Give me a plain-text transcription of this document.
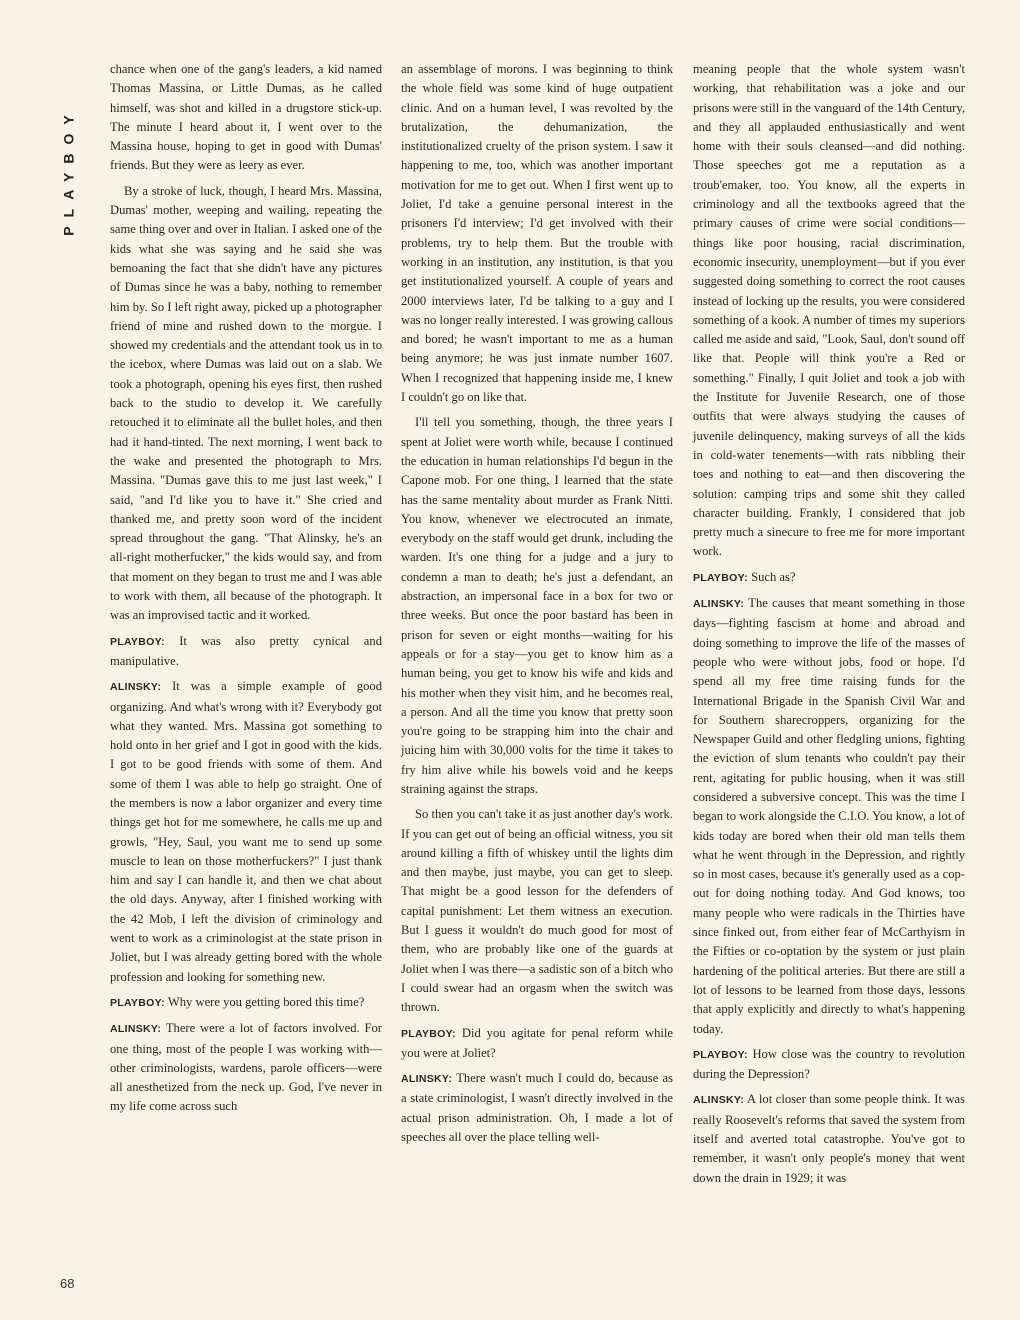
PLAYBOY

chance when one of the gang's leaders, a kid named Thomas Massina, or Little Dumas, as he called himself, was shot and killed in a drugstore stick-up. The minute I heard about it, I went over to the Massina house, hoping to get in good with Dumas' friends. But they were as leery as ever.

By a stroke of luck, though, I heard Mrs. Massina, Dumas' mother, weeping and wailing, repeating the same thing over and over in Italian. I asked one of the kids what she was saying and he said she was bemoaning the fact that she didn't have any pictures of Dumas since he was a baby, nothing to remember him by. So I left right away, picked up a photographer friend of mine and rushed down to the morgue. I showed my credentials and the attendant took us in to the icebox, where Dumas was laid out on a slab. We took a photograph, opening his eyes first, then rushed back to the studio to develop it. We carefully retouched it to eliminate all the bullet holes, and then had it hand-tinted. The next morning, I went back to the wake and presented the photograph to Mrs. Massina. "Dumas gave this to me just last week," I said, "and I'd like you to have it." She cried and thanked me, and pretty soon word of the incident spread throughout the gang. "That Alinsky, he's an all-right motherfucker," the kids would say, and from that moment on they began to trust me and I was able to work with them, all because of the photograph. It was an improvised tactic and it worked.

PLAYBOY: It was also pretty cynical and manipulative.

ALINSKY: It was a simple example of good organizing. And what's wrong with it? Everybody got what they wanted. Mrs. Massina got something to hold onto in her grief and I got in good with the kids. I got to be good friends with some of them. And some of them I was able to help go straight. One of the members is now a labor organizer and every time things get hot for me somewhere, he calls me up and growls, "Hey, Saul, you want me to send up some muscle to lean on those motherfuckers?" I just thank him and say I can handle it, and then we chat about the old days. Anyway, after I finished working with the 42 Mob, I left the division of criminology and went to work as a criminologist at the state prison in Joliet, but I was already getting bored with the whole profession and looking for something new.

PLAYBOY: Why were you getting bored this time?

ALINSKY: There were a lot of factors involved. For one thing, most of the people I was working with—other criminologists, wardens, parole officers—were all anesthetized from the neck up. God, I've never in my life come across such

an assemblage of morons. I was beginning to think the whole field was some kind of huge outpatient clinic. And on a human level, I was revolted by the brutalization, the dehumanization, the institutionalized cruelty of the prison system. I saw it happening to me, too, which was another important motivation for me to get out. When I first went up to Joliet, I'd take a genuine personal interest in the prisoners I'd interview; I'd get involved with their problems, try to help them. But the trouble with working in an institution, any institution, is that you get institutionalized yourself. A couple of years and 2000 interviews later, I'd be talking to a guy and I was no longer really interested. I was growing callous and bored; he wasn't important to me as a human being anymore; he was just inmate number 1607. When I recognized that happening inside me, I knew I couldn't go on like that.

I'll tell you something, though, the three years I spent at Joliet were worth while, because I continued the education in human relationships I'd begun in the Capone mob. For one thing, I learned that the state has the same mentality about murder as Frank Nitti. You know, whenever we electrocuted an inmate, everybody on the staff would get drunk, including the warden. It's one thing for a judge and a jury to condemn a man to death; he's just a defendant, an abstraction, an impersonal face in a box for two or three weeks. But once the poor bastard has been in prison for seven or eight months—waiting for his appeals or for a stay—you get to know him as a human being, you get to know his wife and kids and his mother when they visit him, and he becomes real, a person. And all the time you know that pretty soon you're going to be strapping him into the chair and juicing him with 30,000 volts for the time it takes to fry him alive while his bowels void and he keeps straining against the straps.

So then you can't take it as just another day's work. If you can get out of being an official witness, you sit around killing a fifth of whiskey until the lights dim and then maybe, just maybe, you can get to sleep. That might be a good lesson for the defenders of capital punishment: Let them witness an execution. But I guess it wouldn't do much good for most of them, who are probably like one of the guards at Joliet when I was there—a sadistic son of a bitch who I could swear had an orgasm when the switch was thrown.

PLAYBOY: Did you agitate for penal reform while you were at Joliet?

ALINSKY: There wasn't much I could do, because as a state criminologist, I wasn't directly involved in the actual prison administration. Oh, I made a lot of speeches all over the place telling well-

meaning people that the whole system wasn't working, that rehabilitation was a joke and our prisons were still in the vanguard of the 14th Century, and they all applauded enthusiastically and went home with their souls cleansed—and did nothing. Those speeches got me a reputation as a troub'emaker, too. You know, all the experts in criminology and all the textbooks agreed that the primary causes of crime were social conditions—things like poor housing, racial discrimination, economic insecurity, unemployment—but if you ever suggested doing something to correct the root causes instead of locking up the results, you were considered something of a kook. A number of times my superiors called me aside and said, "Look, Saul, don't sound off like that. People will think you're a Red or something." Finally, I quit Joliet and took a job with the Institute for Juvenile Research, one of those outfits that were always studying the causes of juvenile delinquency, making surveys of all the kids in cold-water tenements—with rats nibbling their toes and nothing to eat—and then discovering the solution: camping trips and some shit they called character building. Frankly, I considered that job pretty much a sinecure to free me for more important work.

PLAYBOY: Such as?

ALINSKY: The causes that meant something in those days—fighting fascism at home and abroad and doing something to improve the life of the masses of people who were without jobs, food or hope. I'd spend all my free time raising funds for the International Brigade in the Spanish Civil War and for Southern sharecroppers, organizing for the Newspaper Guild and other fledgling unions, fighting the eviction of slum tenants who couldn't pay their rent, agitating for public housing, when it was still considered a subversive concept. This was the time I began to work alongside the C.I.O. You know, a lot of kids today are bored when their old man tells them what he went through in the Depression, and rightly so in most cases, because it's generally used as a cop-out for doing nothing today. And God knows, too many people who were radicals in the Thirties have since finked out, from either fear of McCarthyism in the Fifties or co-optation by the system or just plain hardening of the political arteries. But there are still a lot of lessons to be learned from those days, lessons that apply explicitly and directly to what's happening today.

PLAYBOY: How close was the country to revolution during the Depression?

ALINSKY: A lot closer than some people think. It was really Roosevelt's reforms that saved the system from itself and averted total catastrophe. You've got to remember, it wasn't only people's money that went down the drain in 1929; it was

68
